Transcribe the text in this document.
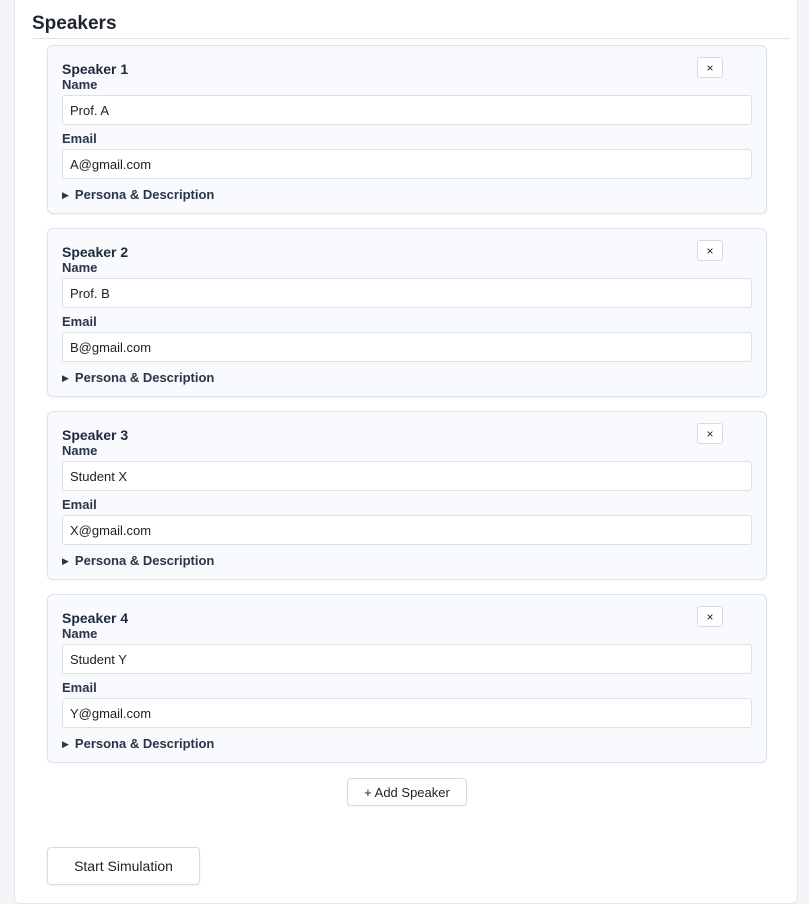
Speakers
Speaker 1	×
Name
Prof. A
Email
A@gmail.com
▶ Persona & Description
Speaker 2	×
Name
Prof. B
Email
B@gmail.com
▶ Persona & Description
Speaker 3	×
Name
Student X
Email
X@gmail.com
▶ Persona & Description
Speaker 4	×
Name
Student Y
Email
Y@gmail.com
▶ Persona & Description
+ Add Speaker
Start Simulation
